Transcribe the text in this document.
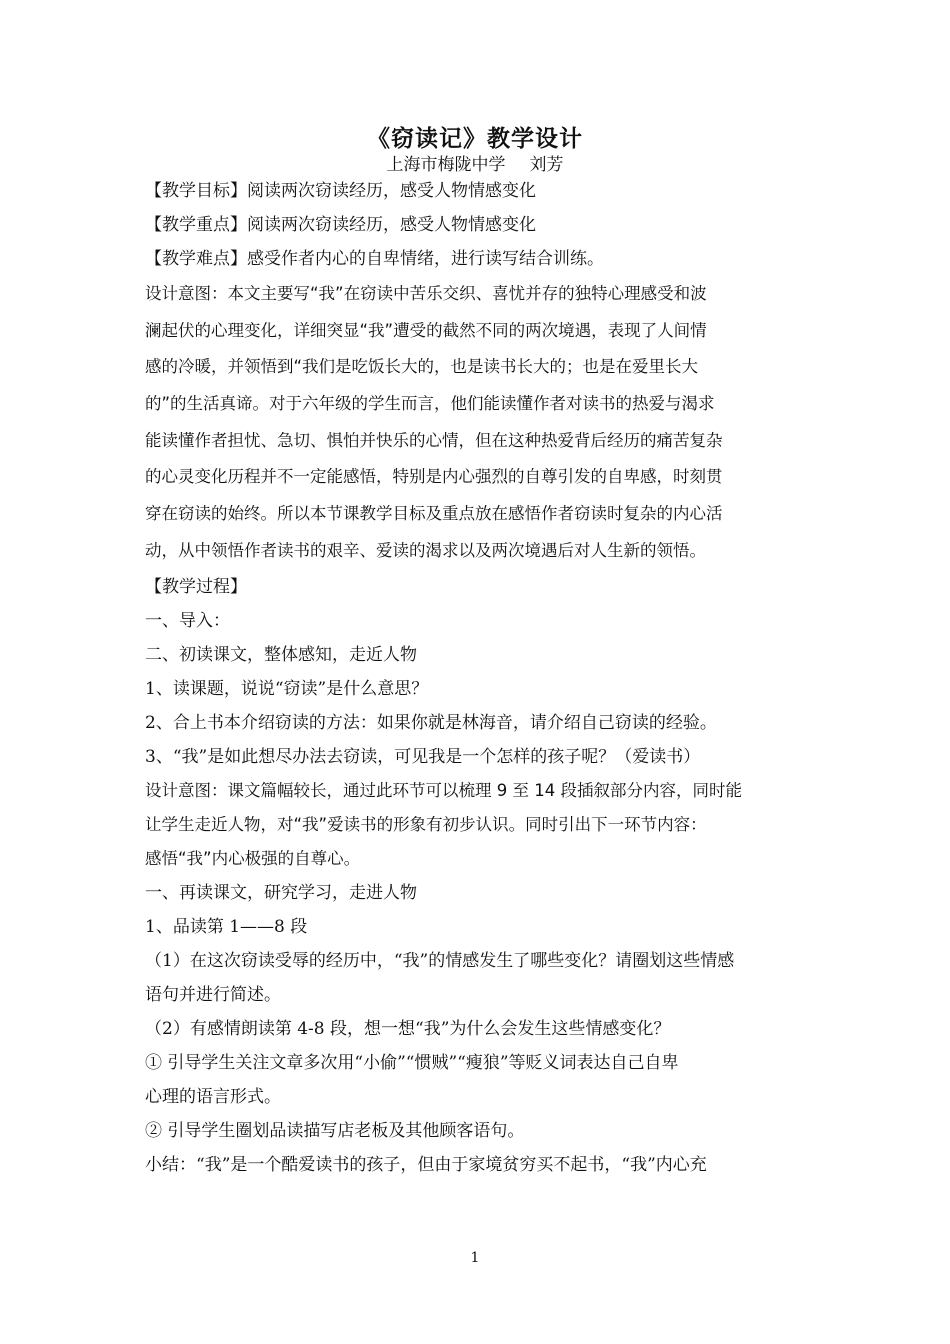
《窃读记》教学设计
上海市梅陇中学 刘芳
【教学目标】阅读两次窃读经历，感受人物情感变化
【教学重点】阅读两次窃读经历，感受人物情感变化
【教学难点】感受作者内心的自卑情绪，进行读写结合训练。
设计意图：本文主要写“我”在窃读中苦乐交织、喜忧并存的独特心理感受和波
澜起伏的心理变化，详细突显“我”遭受的截然不同的两次境遇，表现了人间情
感的冷暖，并领悟到“我们是吃饭长大的，也是读书长大的；也是在爱里长大
的”的生活真谛。对于六年级的学生而言，他们能读懂作者对读书的热爱与渴求
能读懂作者担忧、急切、惧怕并快乐的心情，但在这种热爱背后经历的痛苦复杂
的心灵变化历程并不一定能感悟，特别是内心强烈的自尊引发的自卑感，时刻贯
穿在窃读的始终。所以本节课教学目标及重点放在感悟作者窃读时复杂的内心活
动，从中领悟作者读书的艰辛、爱读的渴求以及两次境遇后对人生新的领悟。
【教学过程】
一、导入：
二、初读课文，整体感知，走近人物
1、读课题，说说“窃读”是什么意思？
2、合上书本介绍窃读的方法：如果你就是林海音，请介绍自己窃读的经验。
3、“我”是如此想尽办法去窃读，可见我是一个怎样的孩子呢？（爱读书）
设计意图：课文篇幅较长，通过此环节可以梳理 9 至 14 段插叙部分内容，同时能
让学生走近人物，对“我”爱读书的形象有初步认识。同时引出下一环节内容：
感悟“我”内心极强的自尊心。
一、再读课文，研究学习，走进人物
1、品读第 1——8 段
（1）在这次窃读受辱的经历中，“我”的情感发生了哪些变化？请圈划这些情感
语句并进行简述。
（2）有感情朗读第 4-8 段，想一想“我”为什么会发生这些情感变化？
① 引导学生关注文章多次用“小偷”“惯贼”“瘦狼”等贬义词表达自己自卑
心理的语言形式。
② 引导学生圈划品读描写店老板及其他顾客语句。
小结：“我”是一个酷爱读书的孩子，但由于家境贫穷买不起书，“我”内心充
1
